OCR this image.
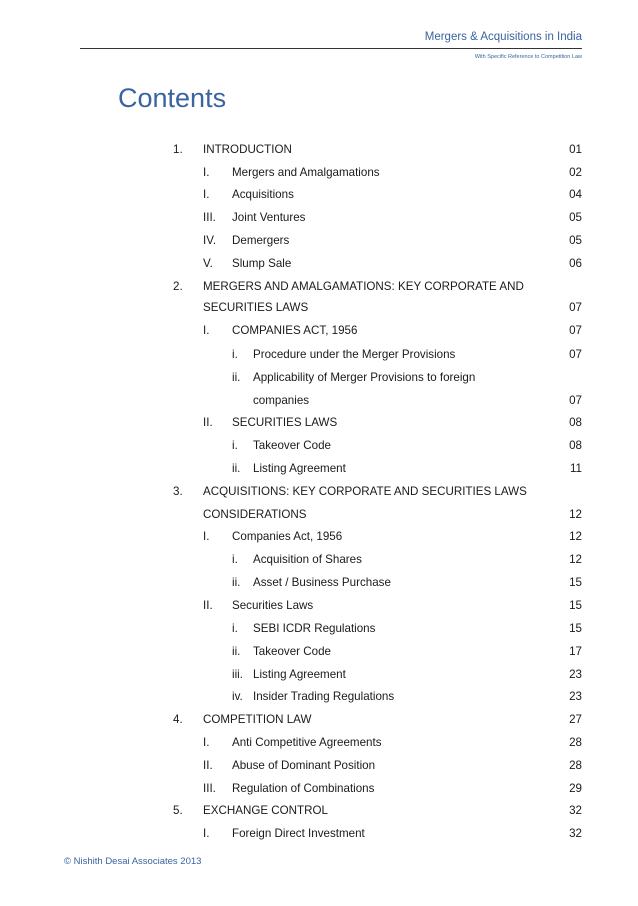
Mergers & Acquisitions in India
With Specific Reference to Competition Law
Contents
1. INTRODUCTION	01
I. Mergers and Amalgamations	02
I. Acquisitions	04
III. Joint Ventures	05
IV. Demergers	05
V. Slump Sale	06
2. MERGERS AND AMALGAMATIONS: KEY CORPORATE AND
SECURITIES LAWS	07
I. COMPANIES ACT, 1956	07
i. Procedure under the Merger Provisions	07
ii. Applicability of Merger Provisions to foreign
companies	07
II. SECURITIES LAWS	08
i. Takeover Code	08
ii. Listing Agreement	11
3. ACQUISITIONS: KEY CORPORATE AND SECURITIES LAWS
CONSIDERATIONS	12
I. Companies Act, 1956	12
i. Acquisition of Shares	12
ii. Asset / Business Purchase	15
II. Securities Laws	15
i. SEBI ICDR Regulations	15
ii. Takeover Code	17
iii. Listing Agreement	23
iv. Insider Trading Regulations	23
4. COMPETITION LAW	27
I. Anti Competitive Agreements	28
II. Abuse of Dominant Position	28
III. Regulation of Combinations	29
5. EXCHANGE CONTROL	32
I. Foreign Direct Investment	32
© Nishith Desai Associates 2013
